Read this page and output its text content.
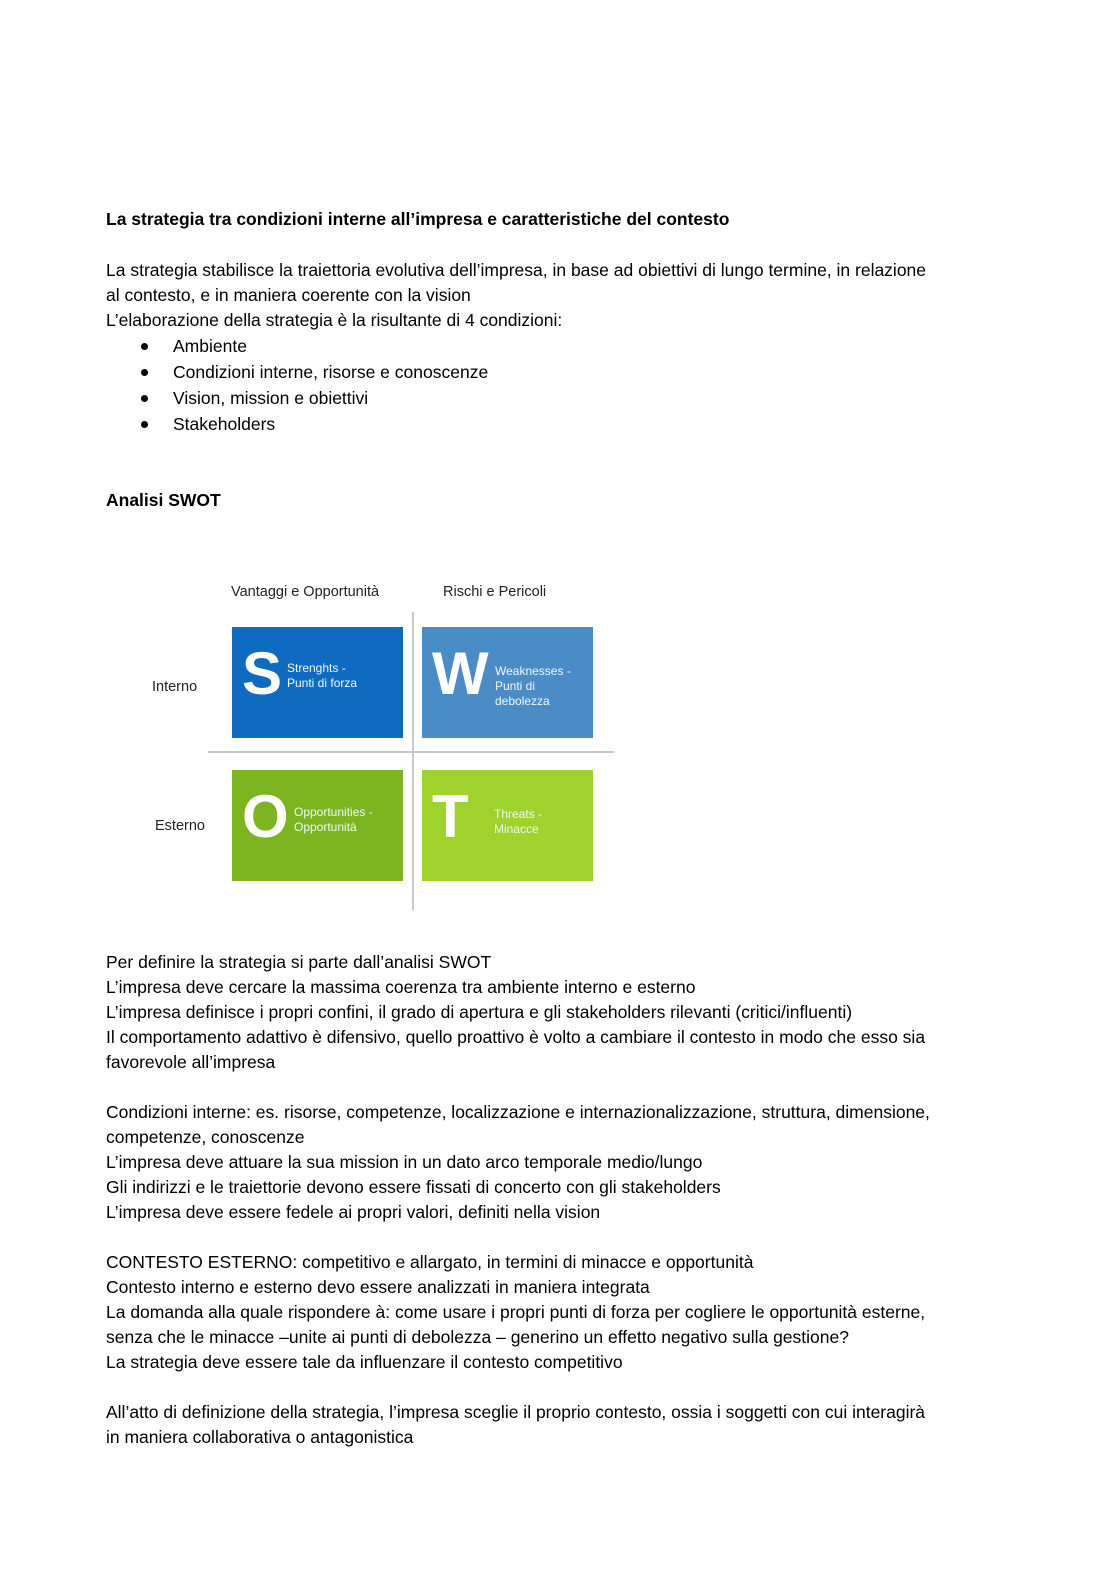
La strategia tra condizioni interne all’impresa e caratteristiche del contesto
La strategia stabilisce la traiettoria evolutiva dell’impresa, in base ad obiettivi di lungo termine, in relazione
al contesto, e in maniera coerente con la vision
L’elaborazione della strategia è la risultante di 4 condizioni:
Ambiente
Condizioni interne, risorse e conoscenze
Vision, mission e obiettivi
Stakeholders
Analisi SWOT
Vantaggi e Opportunità	Rischi e Pericoli
Interno
Esterno
S Strenghts -
Punti di forza W Weaknesses -
Punti di
debolezza
O Opportunities -
Opportunità T Threats -
Minacce
Per definire la strategia si parte dall’analisi SWOT
L’impresa deve cercare la massima coerenza tra ambiente interno e esterno
L’impresa definisce i propri confini, il grado di apertura e gli stakeholders rilevanti (critici/influenti)
Il comportamento adattivo è difensivo, quello proattivo è volto a cambiare il contesto in modo che esso sia
favorevole all’impresa
Condizioni interne: es. risorse, competenze, localizzazione e internazionalizzazione, struttura, dimensione,
competenze, conoscenze
L’impresa deve attuare la sua mission in un dato arco temporale medio/lungo
Gli indirizzi e le traiettorie devono essere fissati di concerto con gli stakeholders
L’impresa deve essere fedele ai propri valori, definiti nella vision
CONTESTO ESTERNO: competitivo e allargato, in termini di minacce e opportunità
Contesto interno e esterno devo essere analizzati in maniera integrata
La domanda alla quale rispondere à: come usare i propri punti di forza per cogliere le opportunità esterne,
senza che le minacce –unite ai punti di debolezza – generino un effetto negativo sulla gestione?
La strategia deve essere tale da influenzare il contesto competitivo
All’atto di definizione della strategia, l’impresa sceglie il proprio contesto, ossia i soggetti con cui interagirà
in maniera collaborativa o antagonistica
